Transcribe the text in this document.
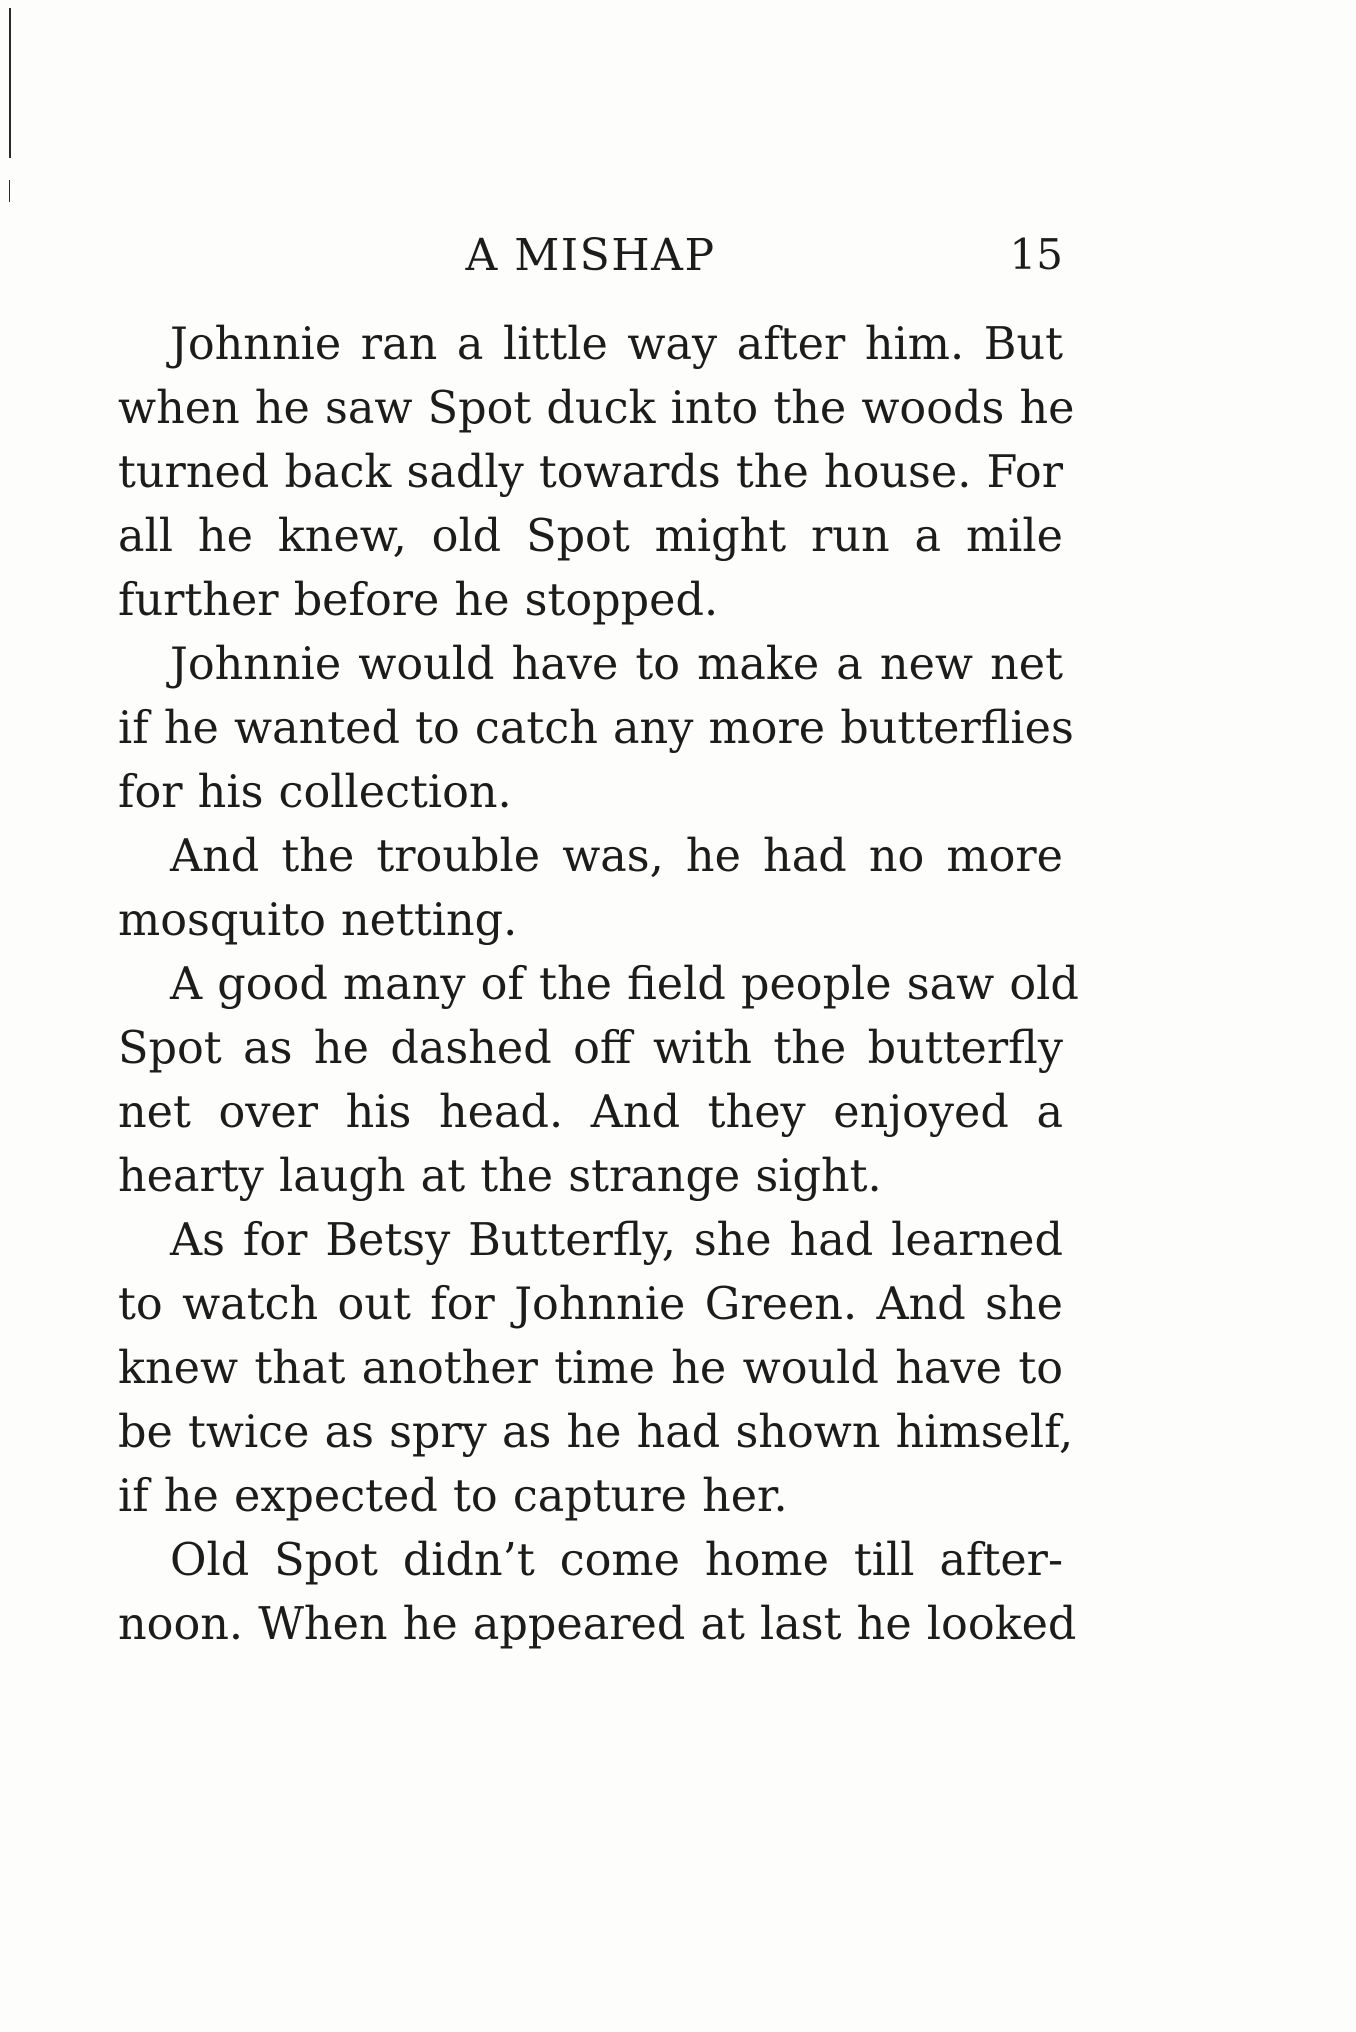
A MISHAP	15
Johnnie ran a little way after him. But
when he saw Spot duck into the woods he
turned back sadly towards the house. For
all he knew, old Spot might run a mile
further before he stopped.
Johnnie would have to make a new net
if he wanted to catch any more butterflies
for his collection.
And the trouble was, he had no more
mosquito netting.
A good many of the field people saw old
Spot as he dashed off with the butterfly
net over his head. And they enjoyed a
hearty laugh at the strange sight.
As for Betsy Butterfly, she had learned
to watch out for Johnnie Green. And she
knew that another time he would have to
be twice as spry as he had shown himself,
if he expected to capture her.
Old Spot didn’t come home till after-
noon. When he appeared at last he looked
